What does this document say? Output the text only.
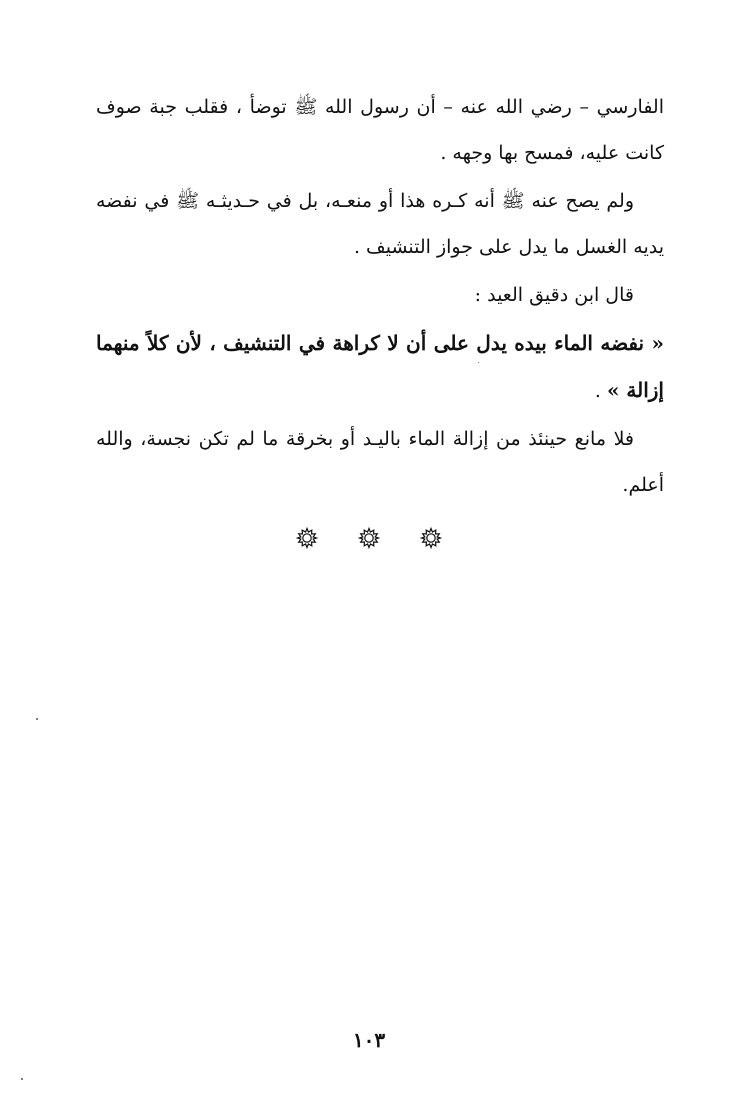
الفارسي – رضي الله عنه – أن رسول الله ﷺ توضأ ، فقلب جبة صوف كانت عليه، فمسح بها وجهه .

ولم يصح عنه ﷺ أنه كـره هذا أو منعـه، بل في حـديثـه ﷺ في نفضه يديه الغسل ما يدل على جواز التنشيف .

قال ابن دقيق العيد :

« نفضه الماء بيده يدل على أن لا كراهة في التنشيف ، لأن كلاً منهما إزالة » .

فلا مانع حينئذ من إزالة الماء باليـد أو بخرقة ما لم تكن نجسة، والله أعلم.

١٠٣
